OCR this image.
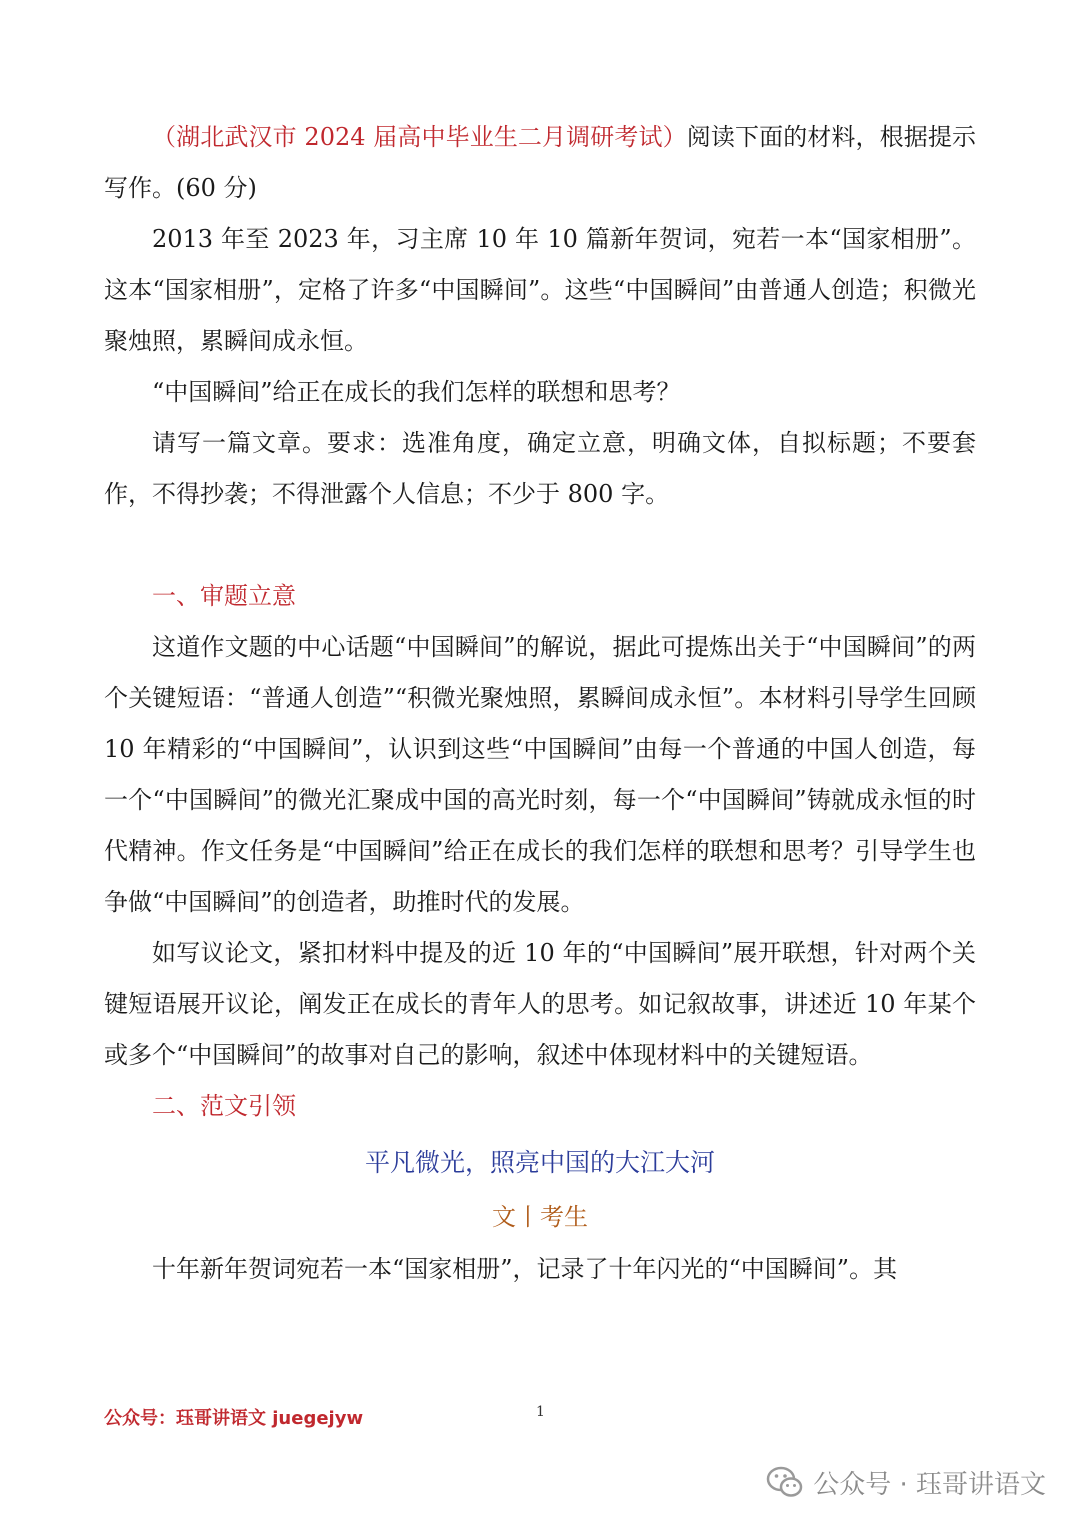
（湖北武汉市 2024 届高中毕业生二月调研考试）阅读下面的材料，根据提示写作。(60 分)

2013 年至 2023 年，习主席 10 年 10 篇新年贺词，宛若一本“国家相册”。这本“国家相册”，定格了许多“中国瞬间”。这些“中国瞬间”由普通人创造；积微光聚烛照，累瞬间成永恒。

“中国瞬间”给正在成长的我们怎样的联想和思考？

请写一篇文章。要求：选准角度，确定立意，明确文体，自拟标题；不要套作，不得抄袭；不得泄露个人信息；不少于 800 字。

一、审题立意

这道作文题的中心话题“中国瞬间”的解说，据此可提炼出关于“中国瞬间”的两个关键短语：“普通人创造”“积微光聚烛照，累瞬间成永恒”。本材料引导学生回顾 10 年精彩的“中国瞬间”，认识到这些“中国瞬间”由每一个普通的中国人创造，每一个“中国瞬间”的微光汇聚成中国的高光时刻，每一个“中国瞬间”铸就成永恒的时代精神。作文任务是“中国瞬间”给正在成长的我们怎样的联想和思考？引导学生也争做“中国瞬间”的创造者，助推时代的发展。

如写议论文，紧扣材料中提及的近 10 年的“中国瞬间”展开联想，针对两个关键短语展开议论，阐发正在成长的青年人的思考。如记叙故事，讲述近 10 年某个或多个“中国瞬间”的故事对自己的影响，叙述中体现材料中的关键短语。

二、范文引领

平凡微光，照亮中国的大江大河

文丨考生

十年新年贺词宛若一本“国家相册”，记录了十年闪光的“中国瞬间”。其

公众号：珏哥讲语文 juegejyw	1
公众号 · 珏哥讲语文
